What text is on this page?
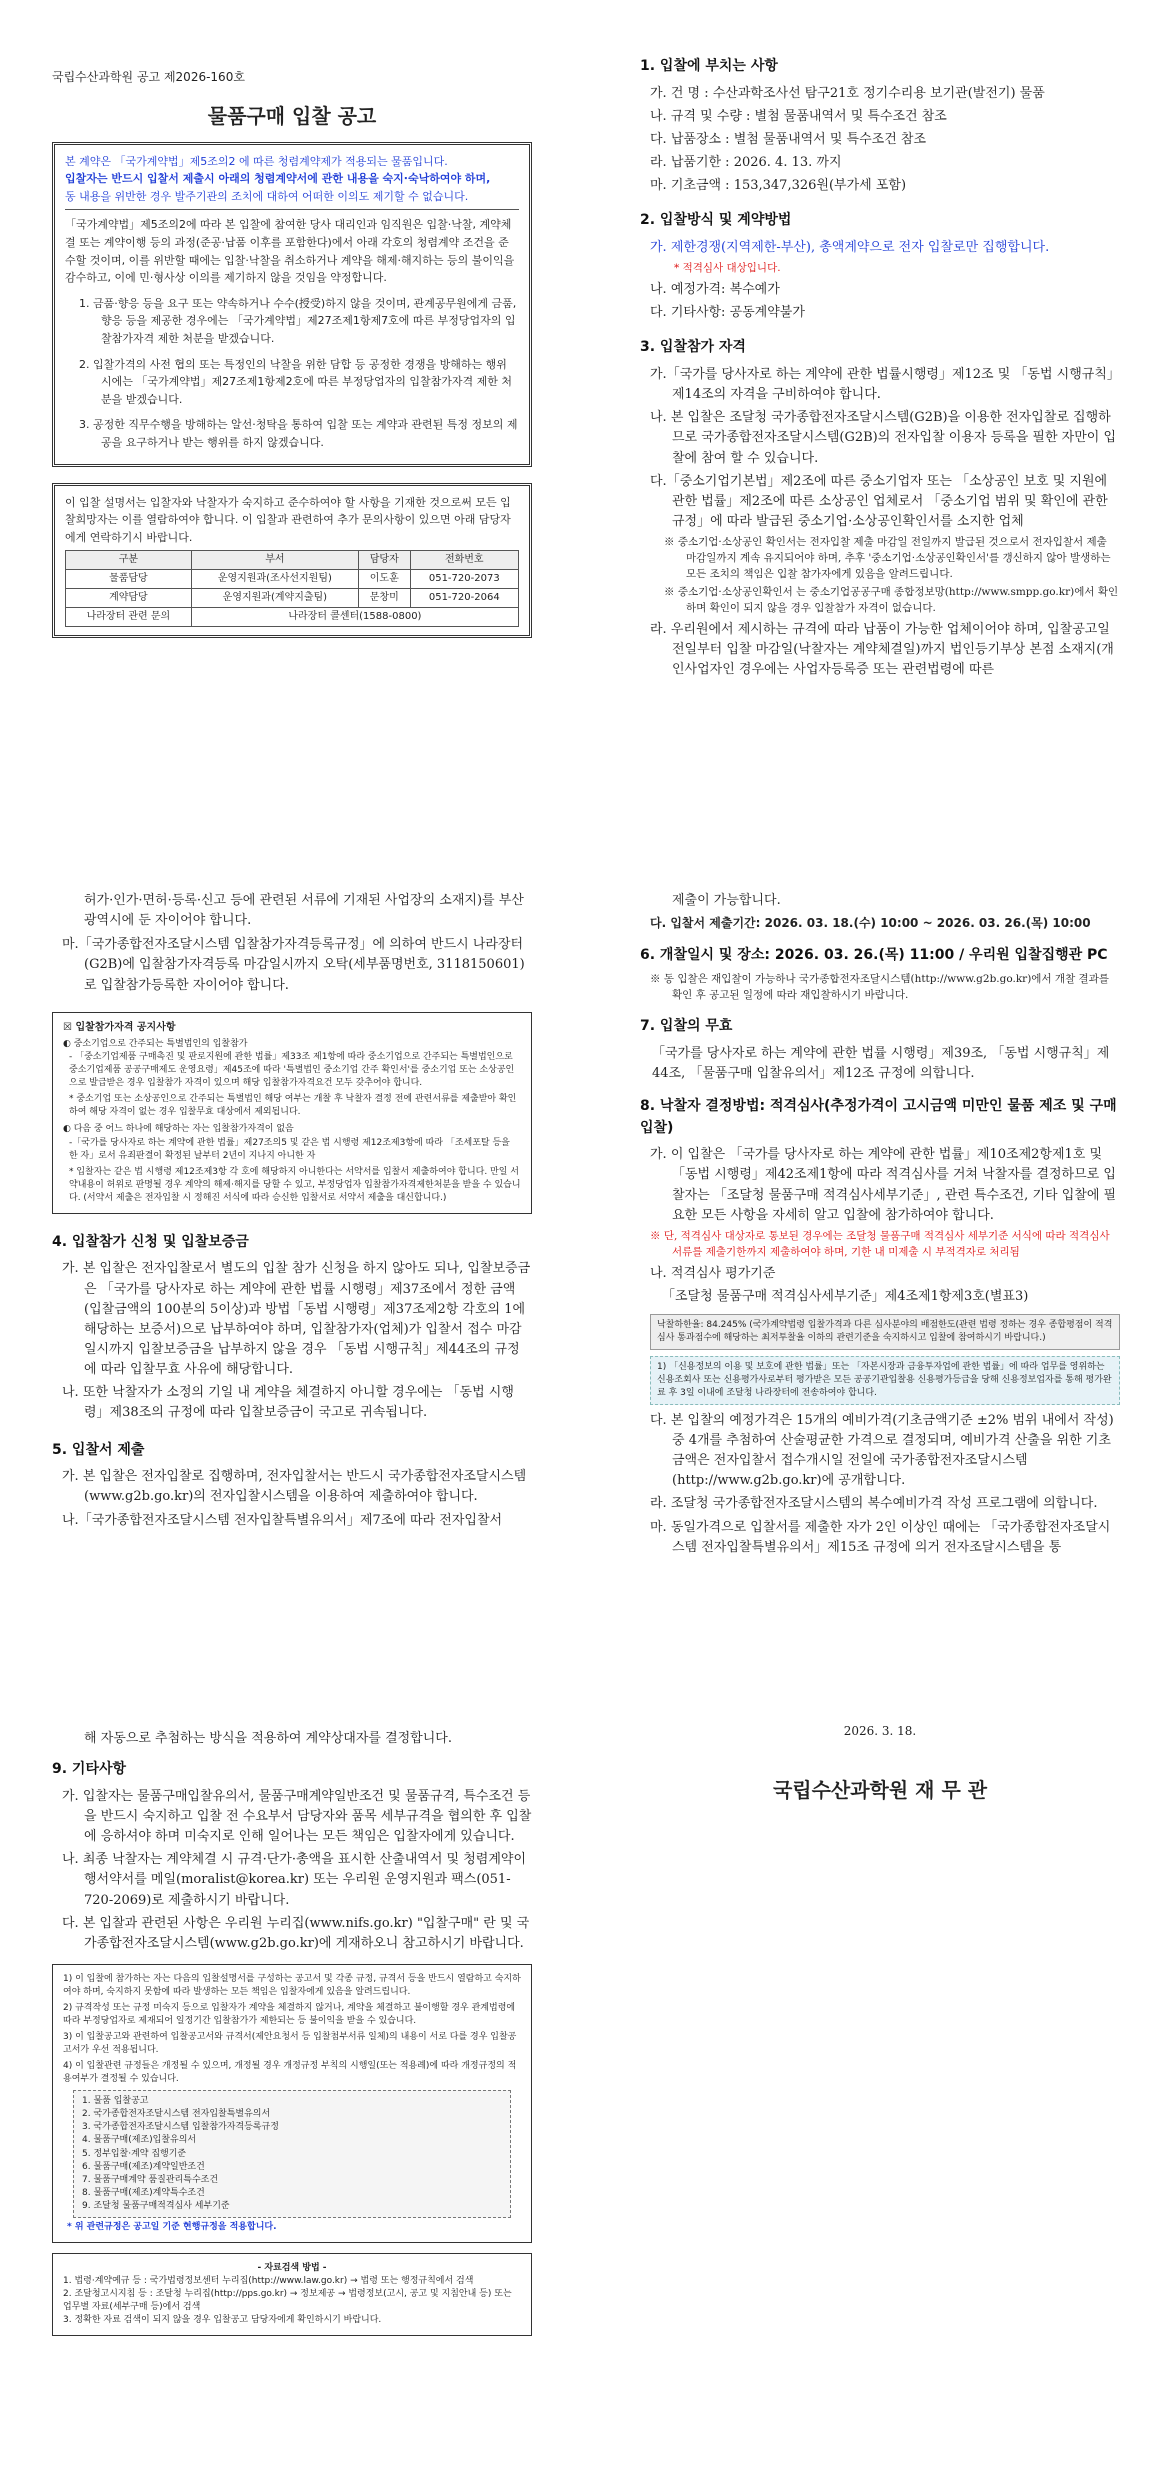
국립수산과학원 공고 제2026-160호
물품구매 입찰 공고
본 계약은 「국가계약법」제5조의2 에 따른 청렴계약제가 적용되는 물품입니다.
입찰자는 반드시 입찰서 제출시 아래의 청렴계약서에 관한 내용을 숙지∙숙낙하여야 하며,
동 내용을 위반한 경우 발주기관의 조치에 대하여 어떠한 이의도 제기할 수 없습니다.
「국가계약법」제5조의2에 따라 본 입찰에 참여한 당사 대리인과 임직원은 입찰·낙찰, 계약체결 또는 계약이행 등의 과정(준공·납품 이후를 포함한다)에서 아래 각호의 청렴계약 조건을 준수할 것이며, 이를 위반할 때에는 입찰·낙찰을 취소하거나 계약을 해제·해지하는 등의 불이익을 감수하고, 이에 민·형사상 이의를 제기하지 않을 것임을 약정합니다.
1. 금품·향응 등을 요구 또는 약속하거나 수수(授受)하지 않을 것이며, 관계공무원에게 금품, 향응 등을 제공한 경우에는 「국가계약법」제27조제1항제7호에 따른 부정당업자의 입찰참가자격 제한 처분을 받겠습니다.
2. 입찰가격의 사전 협의 또는 특정인의 낙찰을 위한 담합 등 공정한 경쟁을 방해하는 행위 시에는 「국가계약법」제27조제1항제2호에 따른 부정당업자의 입찰참가자격 제한 처분을 받겠습니다.
3. 공정한 직무수행을 방해하는 알선·청탁을 통하여 입찰 또는 계약과 관련된 특정 정보의 제공을 요구하거나 받는 행위를 하지 않겠습니다.
이 입찰 설명서는 입찰자와 낙찰자가 숙지하고 준수하여야 할 사항을 기재한 것으로써 모든 입찰희망자는 이를 열람하여야 합니다. 이 입찰과 관련하여 추가 문의사항이 있으면 아래 담당자에게 연락하기시 바랍니다.
구분	부서	담당자	전화번호
물품담당	운영지원과(조사선지원팀)	이도훈	051-720-2073
계약담당	운영지원과(계약지출팀)	문창미	051-720-2064
나라장터 관련 문의	나라장터 콜센터(1588-0800)		
1. 입찰에 부치는 사항
가. 건 명 : 수산과학조사선 탐구21호 정기수리용 보기관(발전기) 물품
나. 규격 및 수량 : 별첨 물품내역서 및 특수조건 참조
다. 납품장소 : 별첨 물품내역서 및 특수조건 참조
라. 납품기한 : 2026. 4. 13. 까지
마. 기초금액 : 153,347,326원(부가세 포함)
2. 입찰방식 및 계약방법
가. 제한경쟁(지역제한-부산), 총액계약으로 전자 입찰로만 집행합니다.
* 적격심사 대상입니다.
나. 예정가격: 복수예가
다. 기타사항: 공동계약불가
3. 입찰참가 자격
가.「국가를 당사자로 하는 계약에 관한 법률시행령」제12조 및 「동법 시행규칙」제14조의 자격을 구비하여야 합니다.
나. 본 입찰은 조달청 국가종합전자조달시스템(G2B)을 이용한 전자입찰로 집행하므로 국가종합전자조달시스템(G2B)의 전자입찰 이용자 등록을 필한 자만이 입찰에 참여 할 수 있습니다.
다.「중소기업기본법」제2조에 따른 중소기업자 또는 「소상공인 보호 및 지원에 관한 법률」제2조에 따른 소상공인 업체로서 「중소기업 범위 및 확인에 관한 규정」에 따라 발급된 중소기업·소상공인확인서를 소지한 업체
※ 중소기업·소상공인 확인서는 전자입찰 제출 마감일 전일까지 발급된 것으로서 전자입찰서 제출 마감일까지 계속 유지되어야 하며, 추후 '중소기업·소상공인확인서'를 갱신하지 않아 발생하는 모든 조치의 책임은 입찰 참가자에게 있음을 알려드립니다.
※ 중소기업·소상공인확인서 는 중소기업공공구매 종합정보망(http://www.smpp.go.kr)에서 확인하며 확인이 되지 않을 경우 입찰참가 자격이 없습니다.
라. 우리원에서 제시하는 규격에 따라 납품이 가능한 업체이어야 하며, 입찰공고일 전일부터 입찰 마감일(낙찰자는 계약체결일)까지 법인등기부상 본점 소재지(개인사업자인 경우에는 사업자등록증 또는 관련법령에 따른
허가·인가·면허·등록·신고 등에 관련된 서류에 기재된 사업장의 소재지)를 부산광역시에 둔 자이어야 합니다.
마.「국가종합전자조달시스템 입찰참가자격등록규정」에 의하여 반드시 나라장터(G2B)에 입찰참가자격등록 마감일시까지 오탁(세부품명번호, 3118150601)로 입찰참가등록한 자이어야 합니다.
☒ 입찰참가자격 공지사항
◐ 중소기업으로 간주되는 특별법인의 입찰참가
- 「중소기업제품 구매촉진 및 판로지원에 관한 법률」제33조 제1항에 따라 중소기업으로 간주되는 특별법인으로 중소기업제품 공공구매제도 운영요령」제45조에 따라 '특별법인 중소기업 간주 확인서'를 중소기업 또는 소상공인으로 발급받은 경우 입찰참가 자격이 있으며 해당 입찰참가자격요건 모두 갖추어야 합니다.
* 중소기업 또는 소상공인으로 간주되는 특별법인 해당 여부는 개찰 후 낙찰자 결정 전에 관련서류를 제출받아 확인하여 해당 자격이 없는 경우 입찰무효 대상에서 제외됩니다.
◐ 다음 중 어느 하나에 해당하는 자는 입찰참가자격이 없음
-「국가를 당사자로 하는 계약에 관한 법률」제27조의5 및 같은 법 시행령 제12조제3항에 따라 「조세포탈 등을 한 자」로서 유죄판결이 확정된 날부터 2년이 지나지 아니한 자
* 입찰자는 같은 법 시행령 제12조제3항 각 호에 해당하지 아니한다는 서약서를 입찰서 제출하여야 합니다. 만일 서약내용이 허위로 판명될 경우 계약의 해제·해지를 당할 수 있고, 부정당업자 입찰참가자격제한처분을 받을 수 있습니다. (서약서 제출은 전자입찰 시 정해진 서식에 따라 승신한 입찰서로 서약서 제출을 대신합니다.)
4. 입찰참가 신청 및 입찰보증금
가. 본 입찰은 전자입찰로서 별도의 입찰 참가 신청을 하지 않아도 되나, 입찰보증금은 「국가를 당사자로 하는 계약에 관한 법률 시행령」제37조에서 정한 금액(입찰금액의 100분의 5이상)과 방법「동법 시행령」제37조제2항 각호의 1에 해당하는 보증서)으로 납부하여야 하며, 입찰참가자(업체)가 입찰서 접수 마감일시까지 입찰보증금을 납부하지 않을 경우 「동법 시행규칙」제44조의 규정에 따라 입찰무효 사유에 해당합니다.
나. 또한 낙찰자가 소정의 기일 내 계약을 체결하지 아니할 경우에는 「동법 시행령」제38조의 규정에 따라 입찰보증금이 국고로 귀속됩니다.
5. 입찰서 제출
가. 본 입찰은 전자입찰로 집행하며, 전자입찰서는 반드시 국가종합전자조달시스템(www.g2b.go.kr)의 전자입찰시스템을 이용하여 제출하여야 합니다.
나.「국가종합전자조달시스템 전자입찰특별유의서」제7조에 따라 전자입찰서
제출이 가능합니다.
다. 입찰서 제출기간: 2026. 03. 18.(수) 10:00 ~ 2026. 03. 26.(목) 10:00
6. 개찰일시 및 장소: 2026. 03. 26.(목) 11:00 / 우리원 입찰집행관 PC
※ 동 입찰은 재입찰이 가능하나 국가종합전자조달시스템(http://www.g2b.go.kr)에서 개찰 결과를 확인 후 공고된 일정에 따라 재입찰하시기 바랍니다.
7. 입찰의 무효
「국가를 당사자로 하는 계약에 관한 법률 시행령」제39조, 「동법 시행규칙」제44조, 「물품구매 입찰유의서」제12조 규정에 의합니다.
8. 낙찰자 결정방법: 적격심사(추정가격이 고시금액 미만인 물품 제조 및 구매입찰)
가. 이 입찰은 「국가를 당사자로 하는 계약에 관한 법률」제10조제2항제1호 및 「동법 시행령」제42조제1항에 따라 적격심사를 거쳐 낙찰자를 결정하므로 입찰자는 「조달청 물품구매 적격심사세부기준」, 관련 특수조건, 기타 입찰에 필요한 모든 사항을 자세히 알고 입찰에 참가하여야 합니다.
※ 단, 적격심사 대상자로 통보된 경우에는 조달청 물품구매 적격심사 세부기준 서식에 따라 적격심사 서류를 제출기한까지 제출하여야 하며, 기한 내 미제출 시 부적격자로 처리됨
나. 적격심사 평가기준
「조달청 물품구매 적격심사세부기준」제4조제1항제3호(별표3)
낙찰하한율: 84.245% (국가계약법령 입찰가격과 다른 심사분야의 배점한도(관련 법령 정하는 경우 종합평점이 적격 심사 통과점수에 해당하는 최저투찰율 이하의 관련기준을 숙지하시고 입찰에 참여하시기 바랍니다.)
1) 「신용정보의 이용 및 보호에 관한 법률」또는 「자본시장과 금융투자업에 관한 법률」에 따라 업무를 영위하는 신용조회사 또는 신용평가사로부터 평가받은 모든 공공기관입찰용 신용평가등급을 당해 신용정보업자를 통해 평가완료 후 3일 이내에 조달청 나라장터에 전송하여야 합니다.
다. 본 입찰의 예정가격은 15개의 예비가격(기초금액기준 ±2% 범위 내에서 작성) 중 4개를 추첨하여 산술평균한 가격으로 결정되며, 예비가격 산출을 위한 기초금액은 전자입찰서 접수개시일 전일에 국가종합전자조달시스템(http://www.g2b.go.kr)에 공개합니다.
라. 조달청 국가종합전자조달시스템의 복수예비가격 작성 프로그램에 의합니다.
마. 동일가격으로 입찰서를 제출한 자가 2인 이상인 때에는 「국가종합전자조달시스템 전자입찰특별유의서」제15조 규정에 의거 전자조달시스템을 통
해 자동으로 추첨하는 방식을 적용하여 계약상대자를 결정합니다.
9. 기타사항
가. 입찰자는 물품구매입찰유의서, 물품구매계약일반조건 및 물품규격, 특수조건 등을 반드시 숙지하고 입찰 전 수요부서 담당자와 품목 세부규격을 협의한 후 입찰에 응하셔야 하며 미숙지로 인해 일어나는 모든 책임은 입찰자에게 있습니다.
나. 최종 낙찰자는 계약체결 시 규격·단가·총액을 표시한 산출내역서 및 청렴계약이행서약서를 메일(moralist@korea.kr) 또는 우리원 운영지원과 팩스(051-720-2069)로 제출하시기 바랍니다.
다. 본 입찰과 관련된 사항은 우리원 누리집(www.nifs.go.kr) "입찰구매" 란 및 국가종합전자조달시스템(www.g2b.go.kr)에 게재하오니 참고하시기 바랍니다.
1) 이 입찰에 참가하는 자는 다음의 입찰설명서를 구성하는 공고서 및 각종 규정, 규격서 등을 반드시 열람하고 숙지하여야 하며, 숙지하지 못함에 따라 발생하는 모든 책임은 입찰자에게 있음을 알려드립니다.
2) 규격작성 또는 규정 미숙지 등으로 입찰자가 계약을 체결하지 않거나, 계약을 체결하고 불이행할 경우 관계법령에 따라 부정당업자로 제재되어 일정기간 입찰참가가 제한되는 등 불이익을 받을 수 있습니다.
3) 이 입찰공고와 관련하여 입찰공고서와 규격서(제안요청서 등 입찰첨부서류 일체)의 내용이 서로 다를 경우 입찰공고서가 우선 적용됩니다.
4) 이 입찰관련 규정들은 개정될 수 있으며, 개정될 경우 개정규정 부칙의 시행일(또는 적용례)에 따라 개정규정의 적용여부가 결정될 수 있습니다.
1. 물품 입찰공고
2. 국가종합전자조달시스템 전자입찰특별유의서
3. 국가종합전자조달시스템 입찰참가자격등록규정
4. 물품구매(제조)입찰유의서
5. 정부입찰·계약 집행기준
6. 물품구매(제조)계약일반조건
7. 물품구매계약 품질관리특수조건
8. 물품구매(제조)계약특수조건
9. 조달청 물품구매적격심사 세부기준
* 위 관련규정은 공고일 기준 현행규정을 적용합니다.
- 자료검색 방법 -
1. 법령·계약예규 등 : 국가법령정보센터 누리집(http://www.law.go.kr) → 법령 또는 행정규칙에서 검색
2. 조달청고시지침 등 : 조달청 누리집(http://pps.go.kr) → 정보제공 → 법령정보(고시, 공고 및 지침안내 등) 또는 업무별 자료(세부구매 등)에서 검색
3. 정확한 자료 검색이 되지 않을 경우 입찰공고 담당자에게 확인하시기 바랍니다.
2026. 3. 18.
국립수산과학원 재 무 관
